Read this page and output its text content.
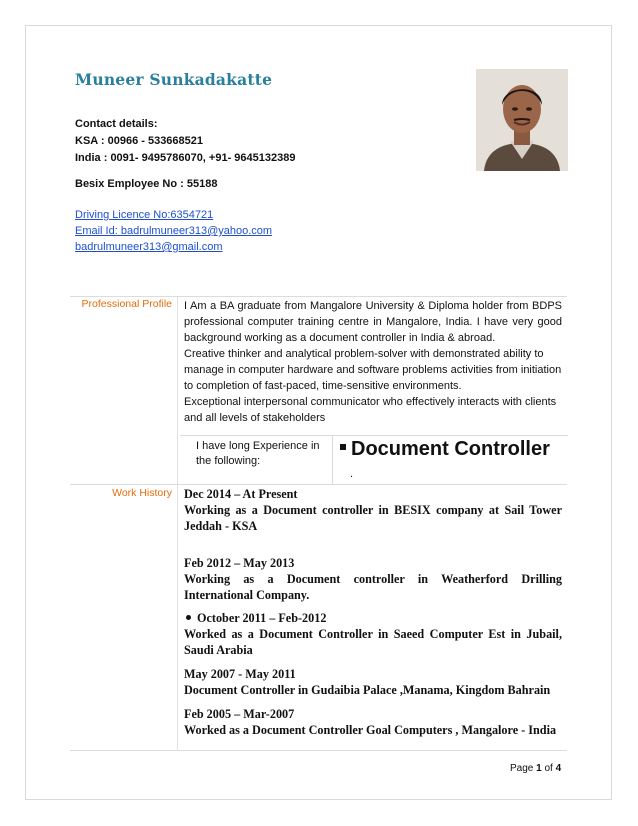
Muneer Sunkadakatte
Contact details:
KSA : 00966 - 533668521
India : 0091- 9495786070, +91- 9645132389
Besix Employee No : 55188
Driving Licence No:6354721
Email Id: badrulmuneer313@yahoo.com
badrulmuneer313@gmail.com
Professional Profile I Am a BA graduate from Mangalore University & Diploma holder from BDPS professional computer training centre in Mangalore, India. I have very good background working as a document controller in India & abroad.

Creative thinker and analytical problem-solver with demonstrated ability to manage in computer hardware and software problems activities from initiation to completion of fast-paced, time-sensitive environments.

Exceptional interpersonal communicator who effectively interacts with clients and all levels of stakeholders

I have long Experience in the following:
Document Controller
.
Work History Dec 2014 – At Present
Working as a Document controller in BESIX company at Sail Tower Jeddah - KSA
Feb 2012 – May 2013
Working as a Document controller in Weatherford Drilling International Company.
October 2011 – Feb-2012
Worked as a Document Controller in Saeed Computer Est in Jubail, Saudi Arabia
May 2007 - May 2011
Document Controller in Gudaibia Palace ,Manama, Kingdom Bahrain
Feb 2005 – Mar-2007
Worked as a Document Controller Goal Computers , Mangalore - India
Page 1 of 4
